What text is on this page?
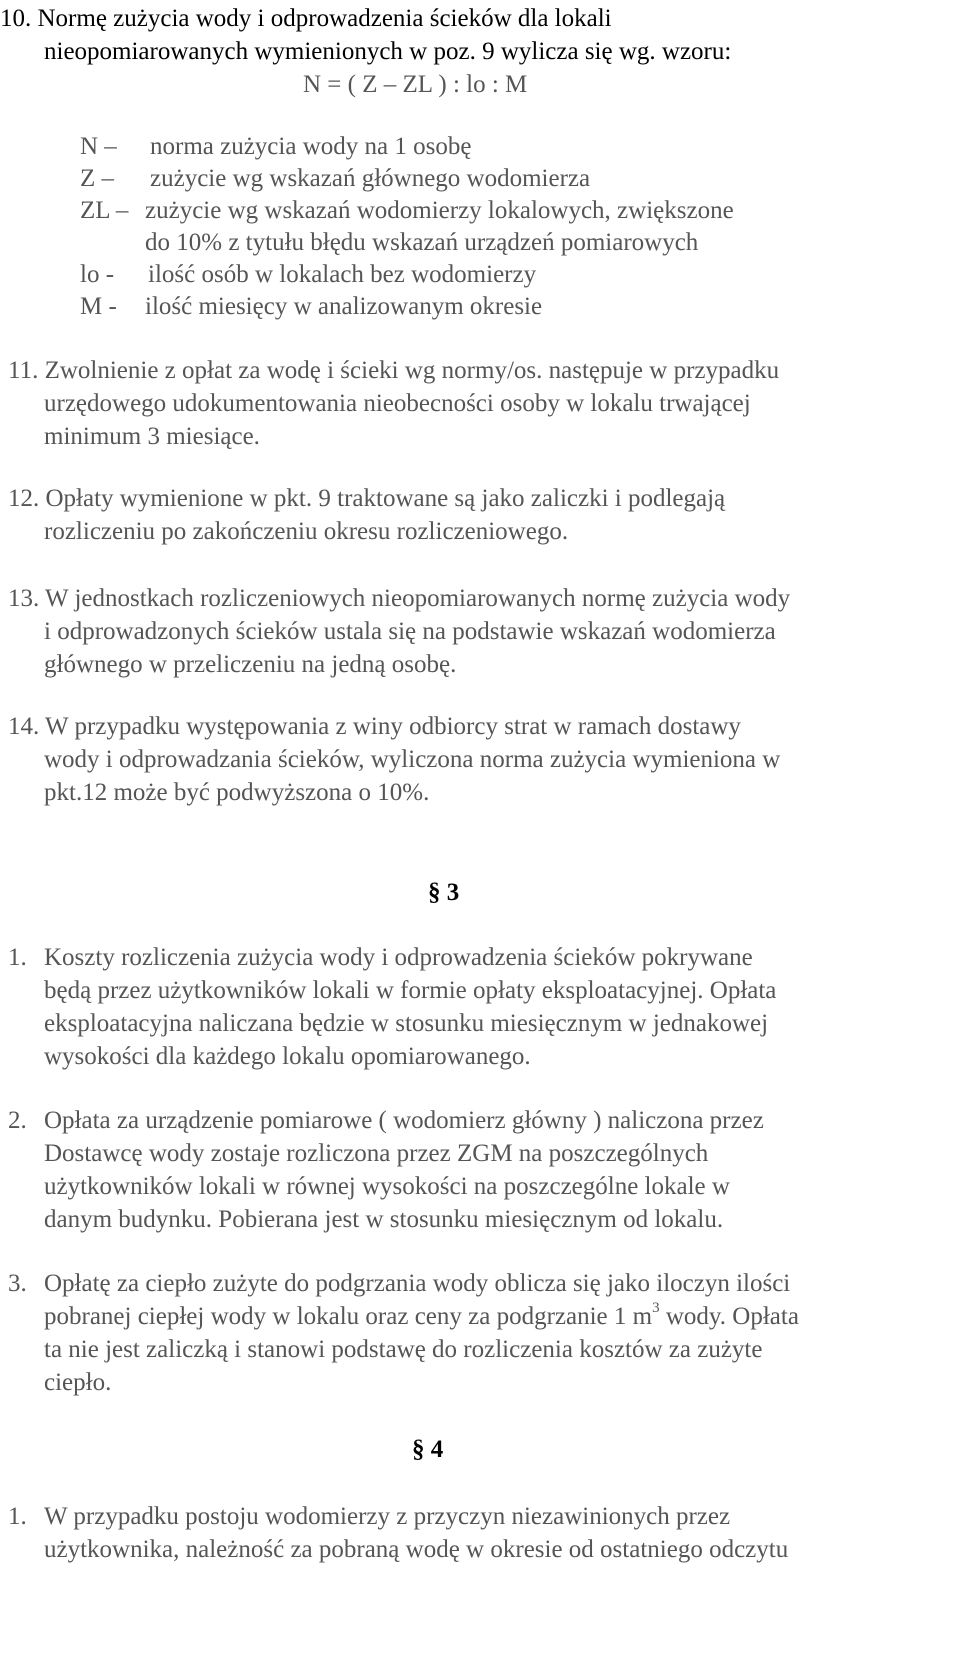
10. Normę zużycia wody i odprowadzenia ścieków dla lokali
nieopomiarowanych wymienionych w poz. 9 wylicza się wg. wzoru:
N = ( Z – ZL ) : lo : M
N – norma zużycia wody na 1 osobę
Z – zużycie wg wskazań głównego wodomierza
ZL – zużycie wg wskazań wodomierzy lokalowych, zwiększone
do 10% z tytułu błędu wskazań urządzeń pomiarowych
lo - ilość osób w lokalach bez wodomierzy
M - ilość miesięcy w analizowanym okresie
11. Zwolnienie z opłat za wodę i ścieki wg normy/os. następuje w przypadku
urzędowego udokumentowania nieobecności osoby w lokalu trwającej
minimum 3 miesiące.
12. Opłaty wymienione w pkt. 9 traktowane są jako zaliczki i podlegają
rozliczeniu po zakończeniu okresu rozliczeniowego.
13. W jednostkach rozliczeniowych nieopomiarowanych normę zużycia wody
i odprowadzonych ścieków ustala się na podstawie wskazań wodomierza
głównego w przeliczeniu na jedną osobę.
14. W przypadku występowania z winy odbiorcy strat w ramach dostawy
wody i odprowadzania ścieków, wyliczona norma zużycia wymieniona w
pkt.12 może być podwyższona o 10%.
§ 3
1. Koszty rozliczenia zużycia wody i odprowadzenia ścieków pokrywane
będą przez użytkowników lokali w formie opłaty eksploatacyjnej. Opłata
eksploatacyjna naliczana będzie w stosunku miesięcznym w jednakowej
wysokości dla każdego lokalu opomiarowanego.
2. Opłata za urządzenie pomiarowe ( wodomierz główny ) naliczona przez
Dostawcę wody zostaje rozliczona przez ZGM na poszczególnych
użytkowników lokali w równej wysokości na poszczególne lokale w
danym budynku. Pobierana jest w stosunku miesięcznym od lokalu.
3. Opłatę za ciepło zużyte do podgrzania wody oblicza się jako iloczyn ilości
pobranej ciepłej wody w lokalu oraz ceny za podgrzanie 1 $m^3$ wody. Opłata
ta nie jest zaliczką i stanowi podstawę do rozliczenia kosztów za zużyte
ciepło.
§ 4
1. W przypadku postoju wodomierzy z przyczyn niezawinionych przez
użytkownika, należność za pobraną wodę w okresie od ostatniego odczytu
